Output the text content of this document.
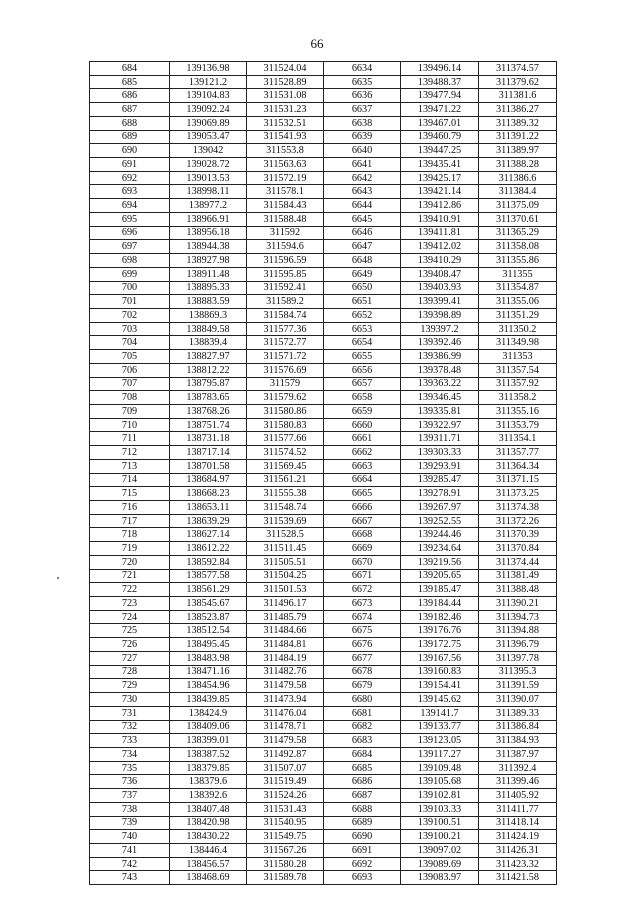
66
684	139136.98	311524.04	6634	139496.14	311374.57
685	139121.2	311528.89	6635	139488.37	311379.62
686	139104.83	311531.08	6636	139477.94	311381.6
687	139092.24	311531.23	6637	139471.22	311386.27
688	139069.89	311532.51	6638	139467.01	311389.32
689	139053.47	311541.93	6639	139460.79	311391.22
690	139042	311553.8	6640	139447.25	311389.97
691	139028.72	311563.63	6641	139435.41	311388.28
692	139013.53	311572.19	6642	139425.17	311386.6
693	138998.11	311578.1	6643	139421.14	311384.4
694	138977.2	311584.43	6644	139412.86	311375.09
695	138966.91	311588.48	6645	139410.91	311370.61
696	138956.18	311592	6646	139411.81	311365.29
697	138944.38	311594.6	6647	139412.02	311358.08
698	138927.98	311596.59	6648	139410.29	311355.86
699	138911.48	311595.85	6649	139408.47	311355
700	138895.33	311592.41	6650	139403.93	311354.87
701	138883.59	311589.2	6651	139399.41	311355.06
702	138869.3	311584.74	6652	139398.89	311351.29
703	138849.58	311577.36	6653	139397.2	311350.2
704	138839.4	311572.77	6654	139392.46	311349.98
705	138827.97	311571.72	6655	139386.99	311353
706	138812.22	311576.69	6656	139378.48	311357.54
707	138795.87	311579	6657	139363.22	311357.92
708	138783.65	311579.62	6658	139346.45	311358.2
709	138768.26	311580.86	6659	139335.81	311355.16
710	138751.74	311580.83	6660	139322.97	311353.79
711	138731.18	311577.66	6661	139311.71	311354.1
712	138717.14	311574.52	6662	139303.33	311357.77
713	138701.58	311569.45	6663	139293.91	311364.34
714	138684.97	311561.21	6664	139285.47	311371.15
715	138668.23	311555.38	6665	139278.91	311373.25
716	138653.11	311548.74	6666	139267.97	311374.38
717	138639.29	311539.69	6667	139252.55	311372.26
718	138627.14	311528.5	6668	139244.46	311370.39
719	138612.22	311511.45	6669	139234.64	311370.84
720	138592.84	311505.51	6670	139219.56	311374.44
721	138577.58	311504.25	6671	139205.65	311381.49
722	138561.29	311501.53	6672	139185.47	311388.48
723	138545.67	311496.17	6673	139184.44	311390.21
724	138523.87	311485.79	6674	139182.46	311394.73
725	138512.54	311484.66	6675	139176.76	311394.88
726	138495.45	311484.81	6676	139172.75	311396.79
727	138483.98	311484.19	6677	139167.56	311397.78
728	138471.16	311482.76	6678	139160.83	311395.3
729	138454.96	311479.58	6679	139154.41	311391.59
730	138439.85	311473.94	6680	139145.62	311390.07
731	138424.9	311476.04	6681	139141.7	311389.33
732	138409.06	311478.71	6682	139133.77	311386.84
733	138399.01	311479.58	6683	139123.05	311384.93
734	138387.52	311492.87	6684	139117.27	311387.97
735	138379.85	311507.07	6685	139109.48	311392.4
736	138379.6	311519.49	6686	139105.68	311399.46
737	138392.6	311524.26	6687	139102.81	311405.92
738	138407.48	311531.43	6688	139103.33	311411.77
739	138420.98	311540.95	6689	139100.51	311418.14
740	138430.22	311549.75	6690	139100.21	311424.19
741	138446.4	311567.26	6691	139097.02	311426.31
742	138456.57	311580.28	6692	139089.69	311423.32
743	138468.69	311589.78	6693	139083.97	311421.58
